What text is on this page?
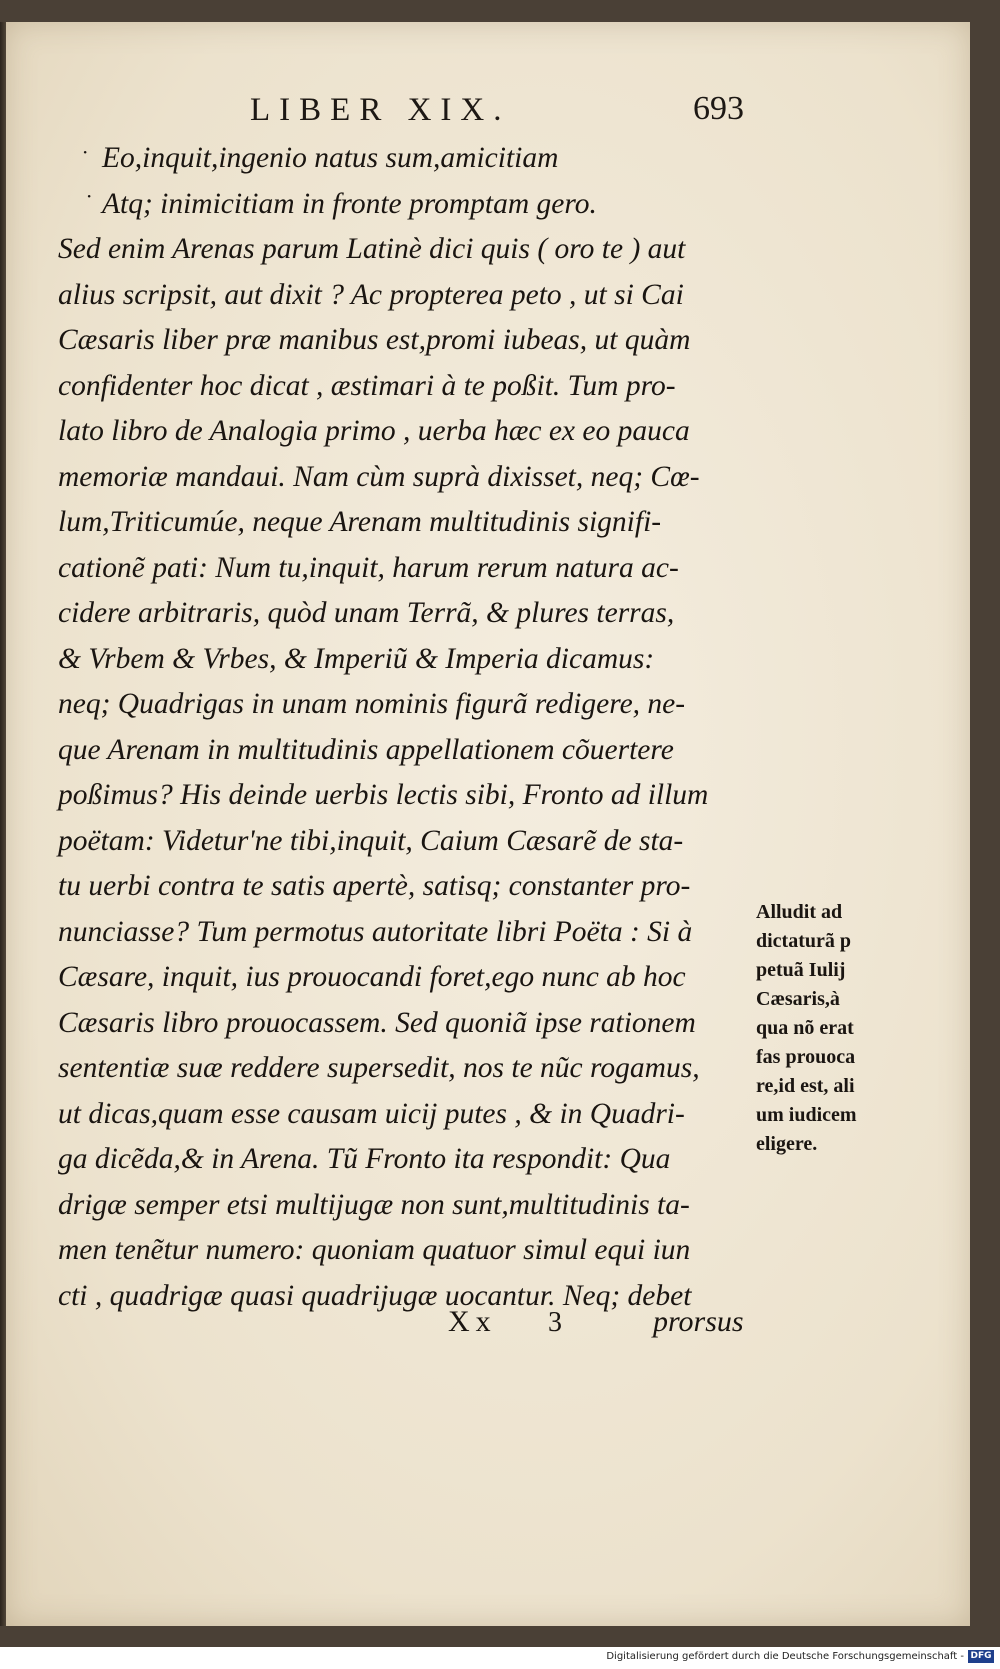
LIBER XIX.	693
·
·
Eo,inquit,ingenio natus sum,amicitiam
Atq; inimicitiam in fronte promptam gero.
Sed enim Arenas parum Latinè dici quis ( oro te ) aut
alius scripsit, aut dixit ? Ac propterea peto , ut si Cai
Cæsaris liber præ manibus est,promi iubeas, ut quàm
confidenter hoc dicat , æstimari à te poßit. Tum pro-
lato libro de Analogia primo , uerba hæc ex eo pauca
memoriæ mandaui. Nam cùm suprà dixisset, neq; Cœ-
lum,Triticumúe, neque Arenam multitudinis signifi-
cationẽ pati: Num tu,inquit, harum rerum natura ac-
cidere arbitraris, quòd unam Terrã, & plures terras,
& Vrbem & Vrbes, & Imperiũ & Imperia dicamus:
neq; Quadrigas in unam nominis figurã redigere, ne-
que Arenam in multitudinis appellationem cõuertere
poßimus? His deinde uerbis lectis sibi, Fronto ad illum
poëtam: Videtur'ne tibi,inquit, Caium Cæsarẽ de sta-
tu uerbi contra te satis apertè, satisq; constanter pro-
nunciasse? Tum permotus autoritate libri Poëta : Si à
Cæsare, inquit, ius prouocandi foret,ego nunc ab hoc
Cæsaris libro prouocassem. Sed quoniã ipse rationem
sententiæ suæ reddere supersedit, nos te nũc rogamus,
ut dicas,quam esse causam uicij putes , & in Quadri-
ga dicẽda,& in Arena. Tũ Fronto ita respondit: Qua
drigæ semper etsi multijugæ non sunt,multitudinis ta-
men tenẽtur numero: quoniam quatuor simul equi iun
cti , quadrigæ quasi quadrijugæ uocantur. Neq; debet
Alludit ad
dictaturã p
petuã Iulij
Cæsaris,à
qua nõ erat
fas prouoca
re,id est, ali
um iudicem
eligere.
Xx 3	prorsus
Digitalisierung gefördert durch die Deutsche Forschungsgemeinschaft - DFG
